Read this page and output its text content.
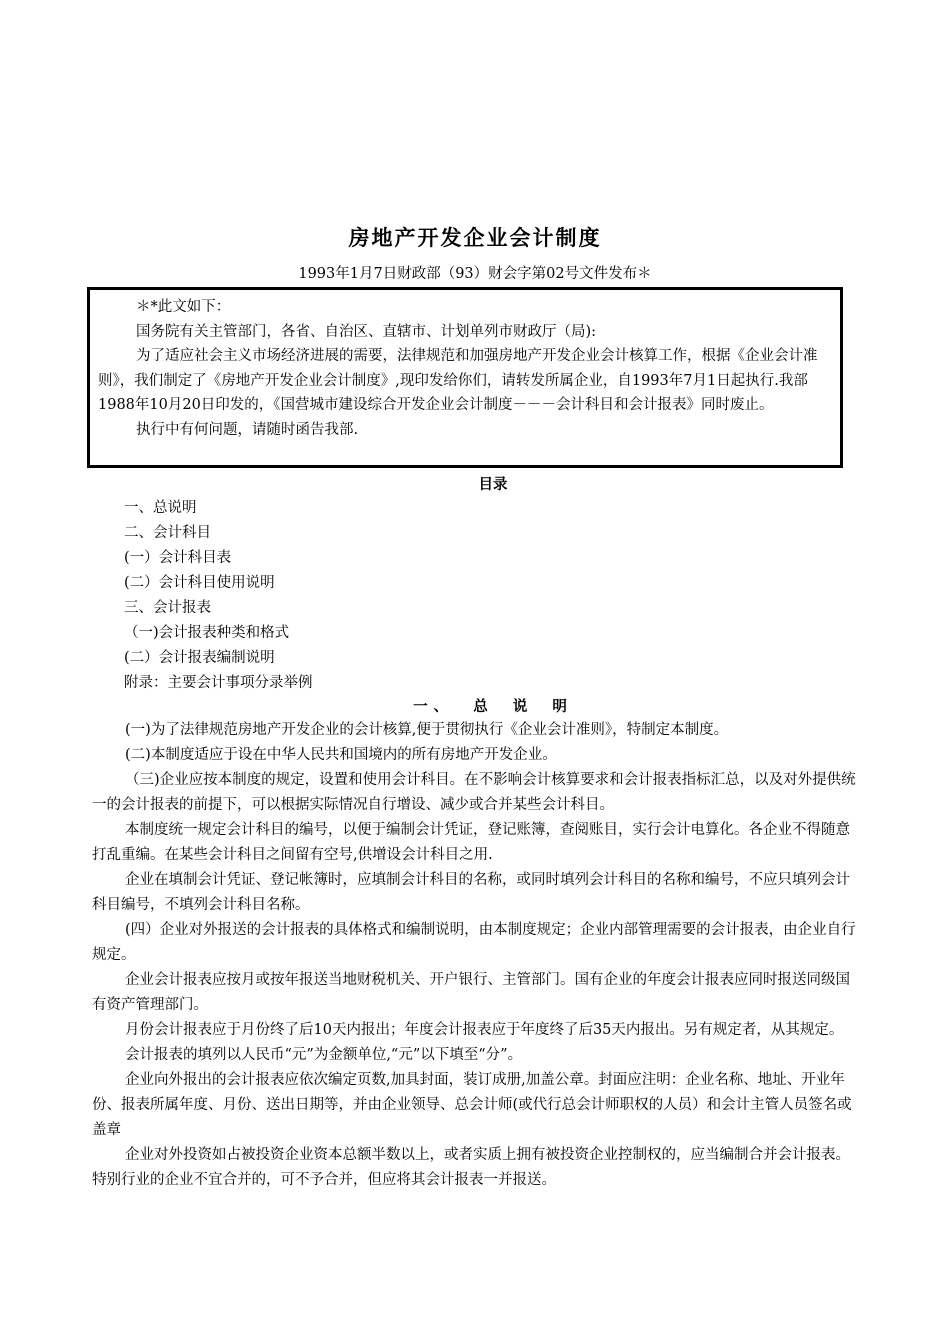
房地产开发企业会计制度
1993年1月7日财政部（93）财会字第02号文件发布＊

＊*此文如下：

国务院有关主管部门，各省、自治区、直辖市、计划单列市财政厅（局):

为了适应社会主义市场经济进展的需要，法律规范和加强房地产开发企业会计核算工作，根据《企业会计准则》，我们制定了《房地产开发企业会计制度》,现印发给你们，请转发所属企业，自1993年7月1日起执行.我部1988年10月20日印发的，《国营城市建设综合开发企业会计制度－－－会计科目和会计报表》同时废止。

执行中有何问题，请随时函告我部.

目录
一、总说明
二、会计科目
(一）会计科目表
(二）会计科目使用说明
三、会计报表
（一)会计报表种类和格式
(二）会计报表编制说明
附录：主要会计事项分录举例
一、 总 说 明

(一)为了法律规范房地产开发企业的会计核算,便于贯彻执行《企业会计准则》，特制定本制度。

(二)本制度适应于设在中华人民共和国境内的所有房地产开发企业。

（三)企业应按本制度的规定，设置和使用会计科目。在不影响会计核算要求和会计报表指标汇总，以及对外提供统一的会计报表的前提下，可以根据实际情况自行增设、减少或合并某些会计科目。

本制度统一规定会计科目的编号，以便于编制会计凭证，登记账簿，查阅账目，实行会计电算化。各企业不得随意打乱重编。在某些会计科目之间留有空号,供增设会计科目之用.

企业在填制会计凭证、登记帐簿时，应填制会计科目的名称，或同时填列会计科目的名称和编号，不应只填列会计科目编号，不填列会计科目名称。

(四）企业对外报送的会计报表的具体格式和编制说明，由本制度规定；企业内部管理需要的会计报表，由企业自行规定。

企业会计报表应按月或按年报送当地财税机关、开户银行、主管部门。国有企业的年度会计报表应同时报送同级国有资产管理部门。

月份会计报表应于月份终了后10天内报出；年度会计报表应于年度终了后35天内报出。另有规定者，从其规定。

会计报表的填列以人民币“元”为金额单位,“元”以下填至“分”。

企业向外报出的会计报表应依次编定页数,加具封面，装订成册,加盖公章。封面应注明：企业名称、地址、开业年份、报表所属年度、月份、送出日期等，并由企业领导、总会计师(或代行总会计师职权的人员）和会计主管人员签名或盖章

企业对外投资如占被投资企业资本总额半数以上，或者实质上拥有被投资企业控制权的，应当编制合并会计报表。特别行业的企业不宜合并的，可不予合并，但应将其会计报表一并报送。
